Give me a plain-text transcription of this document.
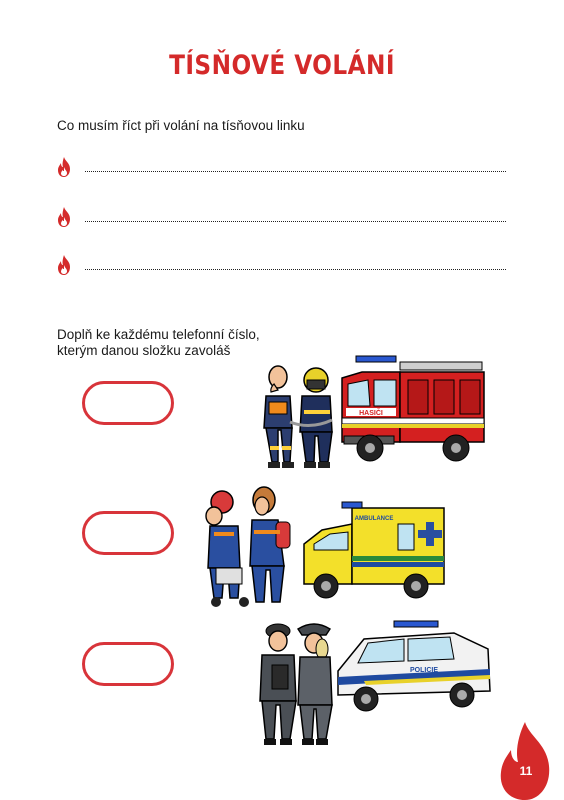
TÍSŇOVÉ VOLÁNÍ
Co musím říct při volání na tísňovou linku
Doplň ke každému telefonní číslo,
kterým danou složku zavoláš
HASIČI
AMBULANCE
POLICIE
11
